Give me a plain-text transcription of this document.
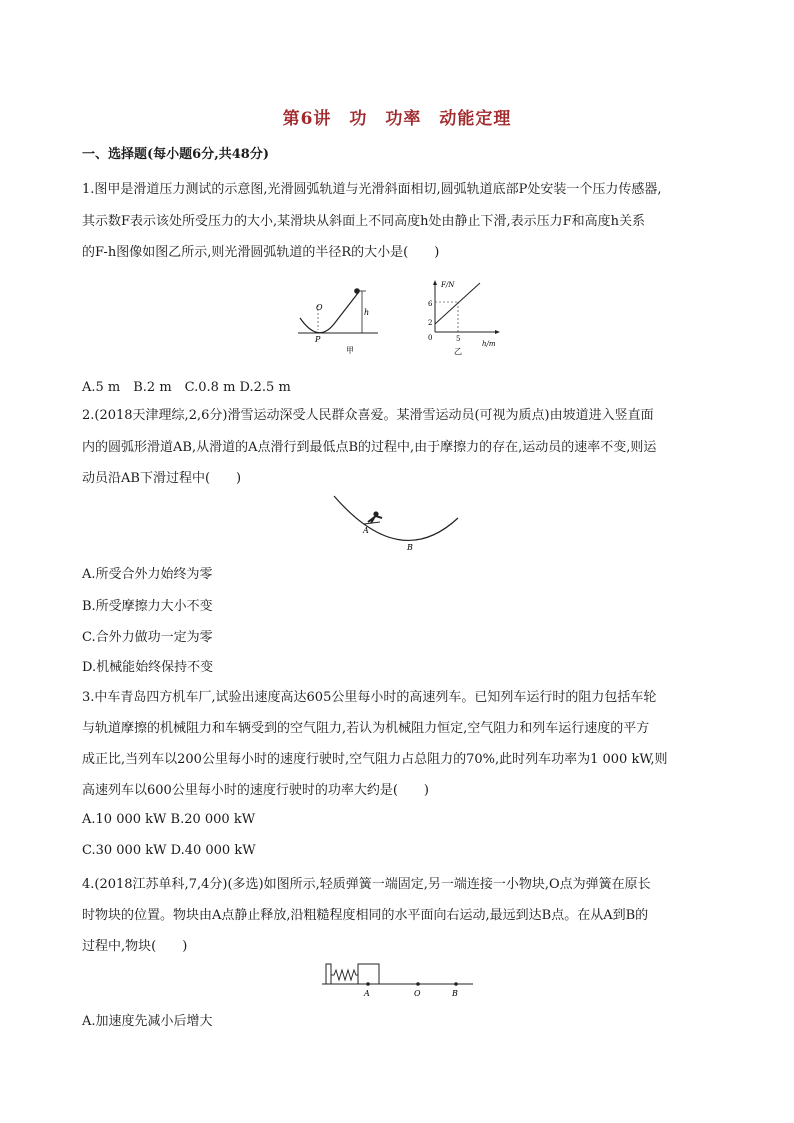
第6讲　功　功率　动能定理
一、选择题(每小题6分,共48分)
1.图甲是滑道压力测试的示意图,光滑圆弧轨道与光滑斜面相切,圆弧轨道底部P处安装一个压力传感器,
其示数F表示该处所受压力的大小,某滑块从斜面上不同高度h处由静止下滑,表示压力F和高度h关系
的F-h图像如图乙所示,则光滑圆弧轨道的半径R的大小是(　　)
O
h
P
甲
F/N
6
2
0	5
h/m
乙
A.5 m　B.2 m　C.0.8 m D.2.5 m
2.(2018天津理综,2,6分)滑雪运动深受人民群众喜爱。某滑雪运动员(可视为质点)由坡道进入竖直面
内的圆弧形滑道AB,从滑道的A点滑行到最低点B的过程中,由于摩擦力的存在,运动员的速率不变,则运
动员沿AB下滑过程中(　　)
A
B
A.所受合外力始终为零
B.所受摩擦力大小不变
C.合外力做功一定为零
D.机械能始终保持不变
3.中车青岛四方机车厂,试验出速度高达605公里每小时的高速列车。已知列车运行时的阻力包括车轮
与轨道摩擦的机械阻力和车辆受到的空气阻力,若认为机械阻力恒定,空气阻力和列车运行速度的平方
成正比,当列车以200公里每小时的速度行驶时,空气阻力占总阻力的70%,此时列车功率为1 000 kW,则
高速列车以600公里每小时的速度行驶时的功率大约是(　　)
A.10 000 kW B.20 000 kW
C.30 000 kW D.40 000 kW
4.(2018江苏单科,7,4分)(多选)如图所示,轻质弹簧一端固定,另一端连接一小物块,O点为弹簧在原长
时物块的位置。物块由A点静止释放,沿粗糙程度相同的水平面向右运动,最远到达B点。在从A到B的
过程中,物块(　　)
A	O	B
A.加速度先减小后增大
